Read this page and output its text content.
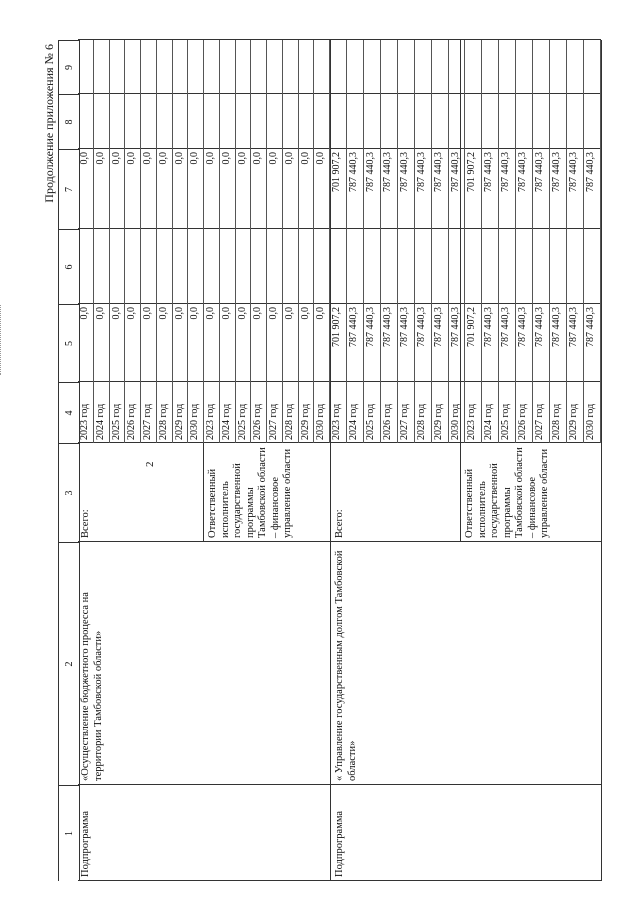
2
Продолжение приложения № 6
1
2
3
4
5
6
7
8
9
Подпрограмма
«Осуществление бюджетного процесса на территории Тамбовской области»
Всего:	Ответственный исполнитель государственной программы Тамбовской области – финансовое управление области
2023 год
0,0
0,0
2024 год
0,0
0,0
2025 год
0,0
0,0
2026 год
0,0
0,0
2027 год
0,0
0,0
2028 год
0,0
0,0
2029 год
0,0
0,0
2030 год
0,0
0,0
2023 год
0,0
0,0
2024 год
0,0
0,0
2025 год
0,0
0,0
2026 год
0,0
0,0
2027 год
0,0
0,0
2028 год
0,0
0,0
2029 год
0,0
0,0
2030 год
0,0
0,0
Подпрограмма
« Управление государственным долгом Тамбовской области»
Всего:	Ответственный исполнитель государственной программы Тамбовской области – финансовое управление области
2023 год
701 907,2
701 907,2
2024 год
787 440,3
787 440,3
2025 год
787 440,3
787 440,3
2026 год
787 440,3
787 440,3
2027 год
787 440,3
787 440,3
2028 год
787 440,3
787 440,3
2029 год
787 440,3
787 440,3
2030 год
787 440,3
787 440,3
2023 год
701 907,2
701 907,2
2024 год
787 440,3
787 440,3
2025 год
787 440,3
787 440,3
2026 год
787 440,3
787 440,3
2027 год
787 440,3
787 440,3
2028 год
787 440,3
787 440,3
2029 год
787 440,3
787 440,3
2030 год
787 440,3
787 440,3
